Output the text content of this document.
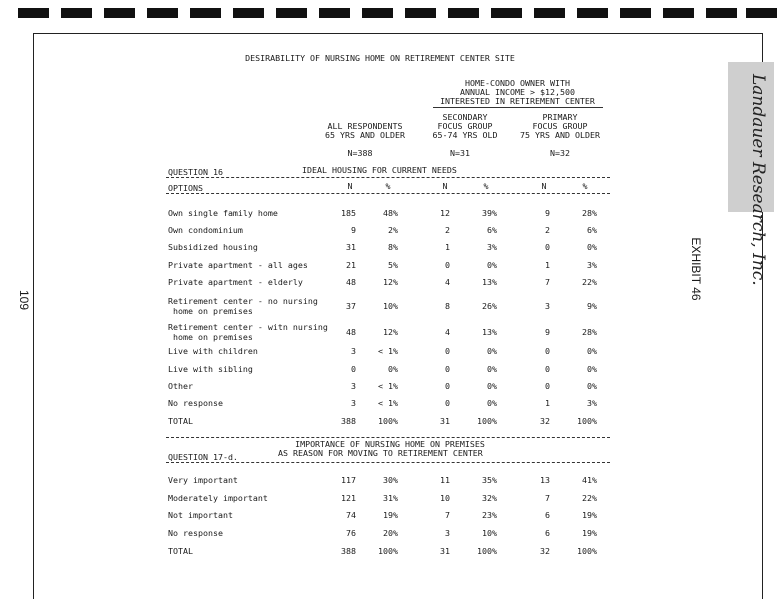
Landauer Research, Inc.
EXHIBIT 46
109
DESIRABILITY OF NURSING HOME ON RETIREMENT CENTER SITE
HOME-CONDO OWNER WITH
ANNUAL INCOME > $12,500
INTERESTED IN RETIREMENT CENTER
SECONDARY
FOCUS GROUP
65-74 YRS OLD
PRIMARY
FOCUS GROUP
75 YRS AND OLDER
ALL RESPONDENTS
65 YRS AND OLDER
N=388	N=31	N=32
QUESTION 16	IDEAL HOUSING FOR CURRENT NEEDS
OPTIONS	N	%	N	%	N	%
Own single family home	185	48%	12	39%	9	28%
Own condominium	9	2%	2	6%	2	6%
Subsidized housing	31	8%	1	3%	0	0%
Private apartment - all ages	21	5%	0	0%	1	3%
Private apartment - elderly	48	12%	4	13%	7	22%
Retirement center - no nursing
home on premises	37	10%	8	26%	3	9%
Retirement center - witn nursing
home on premises	48	12%	4	13%	9	28%
Live with children	3	< 1%	0	0%	0	0%
Live with sibling	0	0%	0	0%	0	0%
Other	3	< 1%	0	0%	0	0%
No response	3	< 1%	0	0%	1	3%
TOTAL	388	100%	31	100%	32	100%
IMPORTANCE OF NURSING HOME ON PREMISES
QUESTION 17-d.	AS REASON FOR MOVING TO RETIREMENT CENTER
Very important	117	30%	11	35%	13	41%
Moderately important	121	31%	10	32%	7	22%
Not important	74	19%	7	23%	6	19%
No response	76	20%	3	10%	6	19%
TOTAL	388	100%	31	100%	32	100%
